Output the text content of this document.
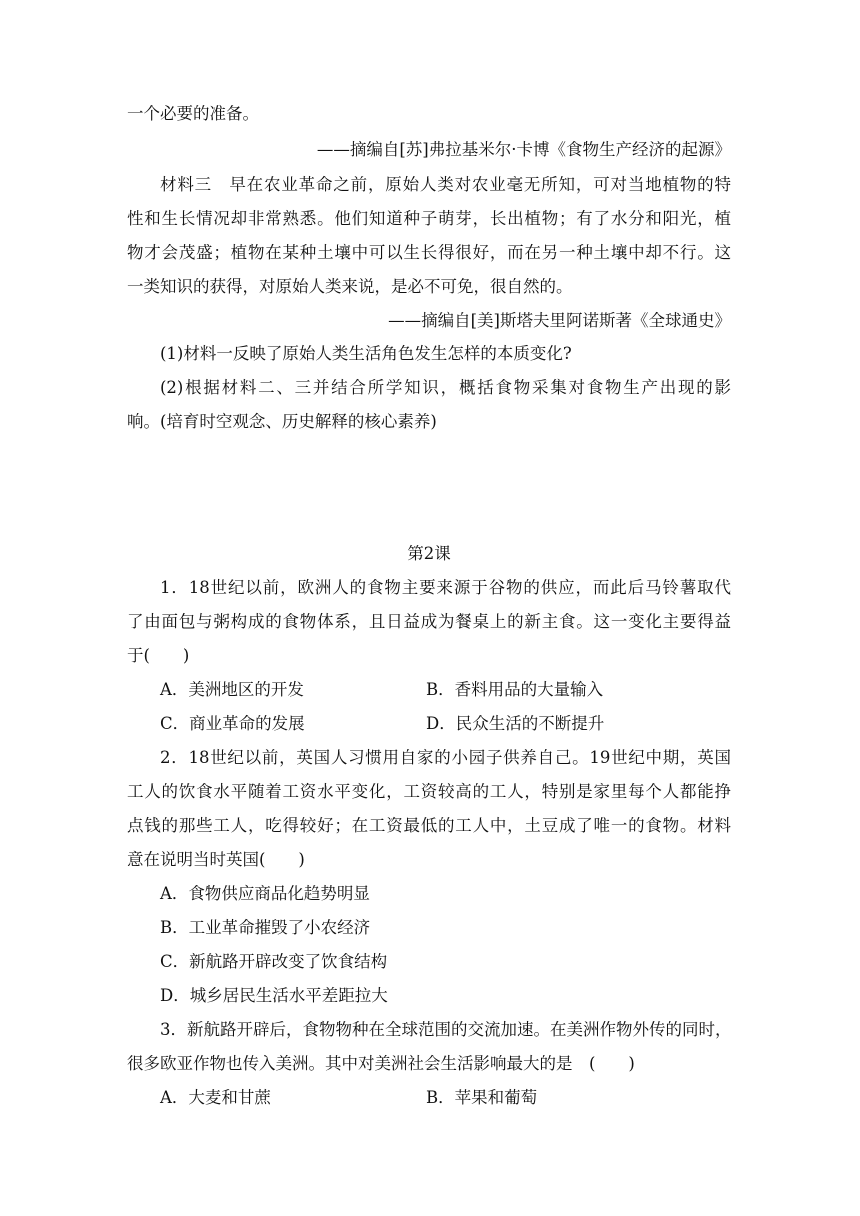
一个必要的准备。
——摘编自[苏]弗拉基米尔·卡博《食物生产经济的起源》
材料三　早在农业革命之前，原始人类对农业毫无所知，可对当地植物的特
性和生长情况却非常熟悉。他们知道种子萌芽，长出植物；有了水分和阳光，植
物才会茂盛；植物在某种土壤中可以生长得很好，而在另一种土壤中却不行。这
一类知识的获得，对原始人类来说，是必不可免，很自然的。
——摘编自[美]斯塔夫里阿诺斯著《全球通史》
(1)材料一反映了原始人类生活角色发生怎样的本质变化?
(2)根据材料二、三并结合所学知识，概括食物采集对食物生产出现的影
响。(培育时空观念、历史解释的核心素养)
第2课
1．18世纪以前，欧洲人的食物主要来源于谷物的供应，而此后马铃薯取代
了由面包与粥构成的食物体系，且日益成为餐桌上的新主食。这一变化主要得益
于(　　)
A．美洲地区的开发	B．香料用品的大量输入
C．商业革命的发展	D．民众生活的不断提升
2．18世纪以前，英国人习惯用自家的小园子供养自己。19世纪中期，英国
工人的饮食水平随着工资水平变化，工资较高的工人，特别是家里每个人都能挣
点钱的那些工人，吃得较好；在工资最低的工人中，土豆成了唯一的食物。材料
意在说明当时英国(　　)
A．食物供应商品化趋势明显
B．工业革命摧毁了小农经济
C．新航路开辟改变了饮食结构
D．城乡居民生活水平差距拉大
3．新航路开辟后，食物物种在全球范围的交流加速。在美洲作物外传的同时，
很多欧亚作物也传入美洲。其中对美洲社会生活影响最大的是　(　　)
A．大麦和甘蔗	B．苹果和葡萄
